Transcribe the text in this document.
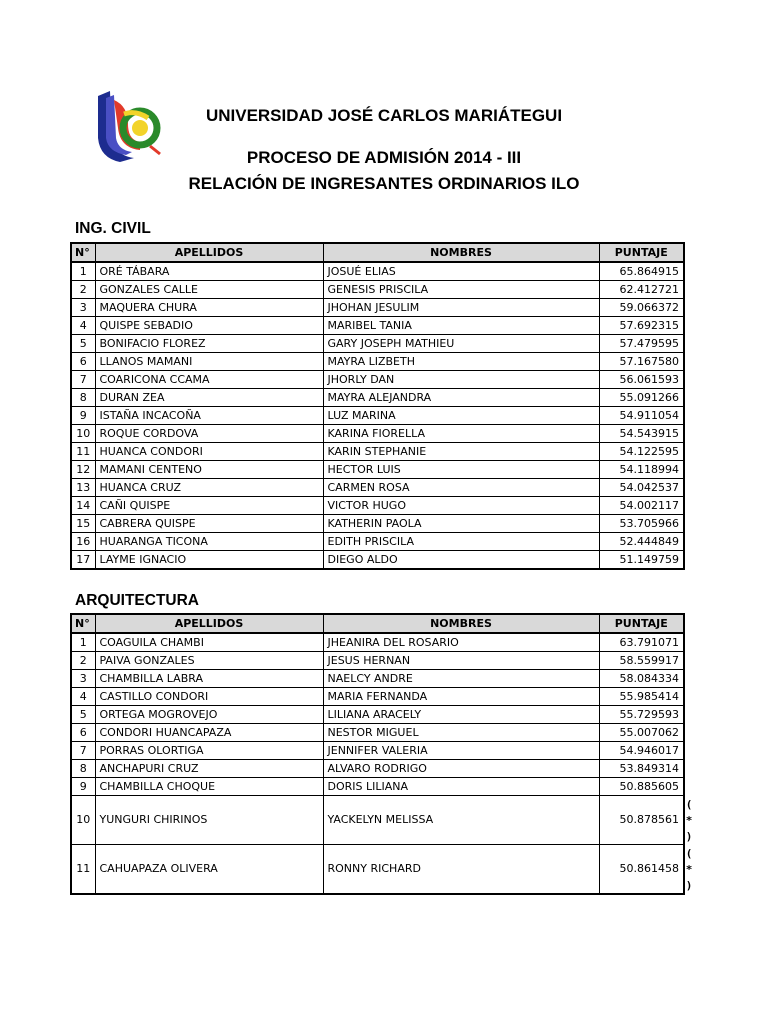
UNIVERSIDAD JOSÉ CARLOS MARIÁTEGUI
PROCESO DE ADMISIÓN 2014 - III
RELACIÓN DE INGRESANTES ORDINARIOS ILO
ING. CIVIL
N°	APELLIDOS	NOMBRES	PUNTAJE
1	ORÉ TÁBARA	JOSUÉ ELIAS	65.864915
2	GONZALES CALLE	GENESIS PRISCILA	62.412721
3	MAQUERA CHURA	JHOHAN JESULIM	59.066372
4	QUISPE SEBADIO	MARIBEL TANIA	57.692315
5	BONIFACIO FLOREZ	GARY JOSEPH MATHIEU	57.479595
6	LLANOS MAMANI	MAYRA LIZBETH	57.167580
7	COARICONA CCAMA	JHORLY DAN	56.061593
8	DURAN ZEA	MAYRA ALEJANDRA	55.091266
9	ISTAÑA INCACOÑA	LUZ MARINA	54.911054
10	ROQUE CORDOVA	KARINA FIORELLA	54.543915
11	HUANCA CONDORI	KARIN STEPHANIE	54.122595
12	MAMANI CENTENO	HECTOR LUIS	54.118994
13	HUANCA CRUZ	CARMEN ROSA	54.042537
14	CAÑI QUISPE	VICTOR HUGO	54.002117
15	CABRERA QUISPE	KATHERIN PAOLA	53.705966
16	HUARANGA TICONA	EDITH PRISCILA	52.444849
17	LAYME IGNACIO	DIEGO ALDO	51.149759
ARQUITECTURA
N°	APELLIDOS	NOMBRES	PUNTAJE
1	COAGUILA CHAMBI	JHEANIRA DEL ROSARIO	63.791071
2	PAIVA GONZALES	JESUS HERNAN	58.559917
3	CHAMBILLA LABRA	NAELCY ANDRE	58.084334
4	CASTILLO CONDORI	MARIA FERNANDA	55.985414
5	ORTEGA MOGROVEJO	LILIANA ARACELY	55.729593
6	CONDORI HUANCAPAZA	NESTOR MIGUEL	55.007062
7	PORRAS OLORTIGA	JENNIFER VALERIA	54.946017
8	ANCHAPURI CRUZ	ALVARO RODRIGO	53.849314
9	CHAMBILLA CHOQUE	DORIS LILIANA	50.885605
10	YUNGURI CHIRINOS	YACKELYN MELISSA	50.878561
11	CAHUAPAZA OLIVERA	RONNY RICHARD	50.861458
(
*
)
(
*
)
